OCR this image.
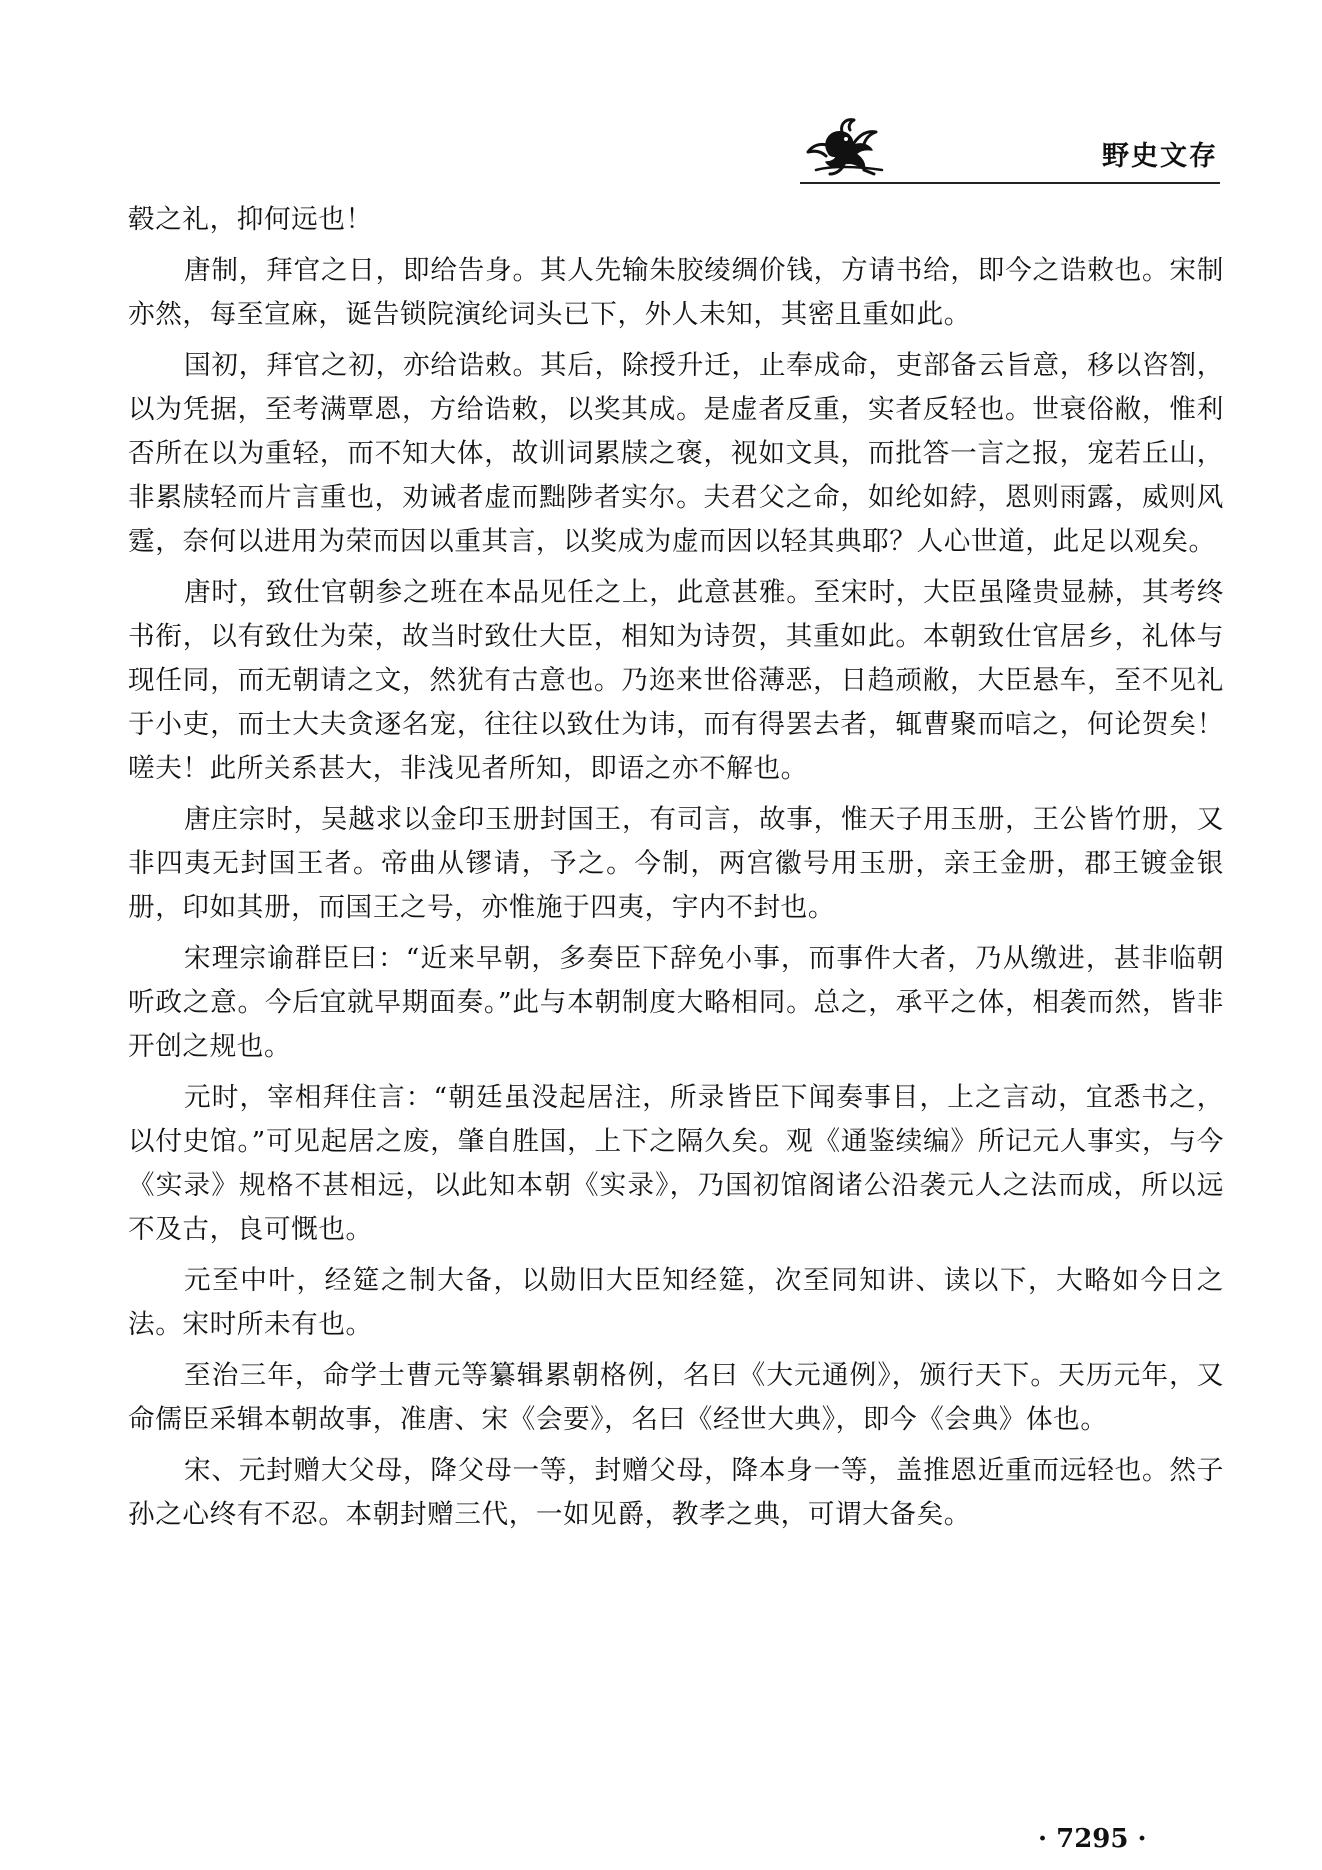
野史文存

毂之礼，抑何远也！

唐制，拜官之日，即给告身。其人先输朱胶绫绸价钱，方请书给，即今之诰敕也。宋制亦然，每至宣麻，诞告锁院演纶词头已下，外人未知，其密且重如此。

国初，拜官之初，亦给诰敕。其后，除授升迁，止奉成命，吏部备云旨意，移以咨劄，以为凭据，至考满覃恩，方给诰敕，以奖其成。是虚者反重，实者反轻也。世衰俗敝，惟利否所在以为重轻，而不知大体，故训词累牍之褒，视如文具，而批答一言之报，宠若丘山，非累牍轻而片言重也，劝诫者虚而黜陟者实尔。夫君父之命，如纶如綍，恩则雨露，威则风霆，奈何以进用为荣而因以重其言，以奖成为虚而因以轻其典耶？人心世道，此足以观矣。

唐时，致仕官朝参之班在本品见任之上，此意甚雅。至宋时，大臣虽隆贵显赫，其考终书衔，以有致仕为荣，故当时致仕大臣，相知为诗贺，其重如此。本朝致仕官居乡，礼体与现任同，而无朝请之文，然犹有古意也。乃迩来世俗薄恶，日趋顽敝，大臣悬车，至不见礼于小吏，而士大夫贪逐名宠，往往以致仕为讳，而有得罢去者，辄曹聚而唁之，何论贺矣！嗟夫！此所关系甚大，非浅见者所知，即语之亦不解也。

唐庄宗时，吴越求以金印玉册封国王，有司言，故事，惟天子用玉册，王公皆竹册，又非四夷无封国王者。帝曲从镠请，予之。今制，两宫徽号用玉册，亲王金册，郡王镀金银册，印如其册，而国王之号，亦惟施于四夷，宇内不封也。

宋理宗谕群臣曰：“近来早朝，多奏臣下辞免小事，而事件大者，乃从缴进，甚非临朝听政之意。今后宜就早期面奏。”此与本朝制度大略相同。总之，承平之体，相袭而然，皆非开创之规也。

元时，宰相拜住言：“朝廷虽没起居注，所录皆臣下闻奏事目，上之言动，宜悉书之，以付史馆。”可见起居之废，肇自胜国，上下之隔久矣。观《通鉴续编》所记元人事实，与今《实录》规格不甚相远，以此知本朝《实录》，乃国初馆阁诸公沿袭元人之法而成，所以远不及古，良可慨也。

元至中叶，经筵之制大备，以勋旧大臣知经筵，次至同知讲、读以下，大略如今日之法。宋时所未有也。

至治三年，命学士曹元等纂辑累朝格例，名曰《大元通例》，颁行天下。天历元年，又命儒臣采辑本朝故事，准唐、宋《会要》，名曰《经世大典》，即今《会典》体也。

宋、元封赠大父母，降父母一等，封赠父母，降本身一等，盖推恩近重而远轻也。然子孙之心终有不忍。本朝封赠三代，一如见爵，教孝之典，可谓大备矣。

· 7295 ·
